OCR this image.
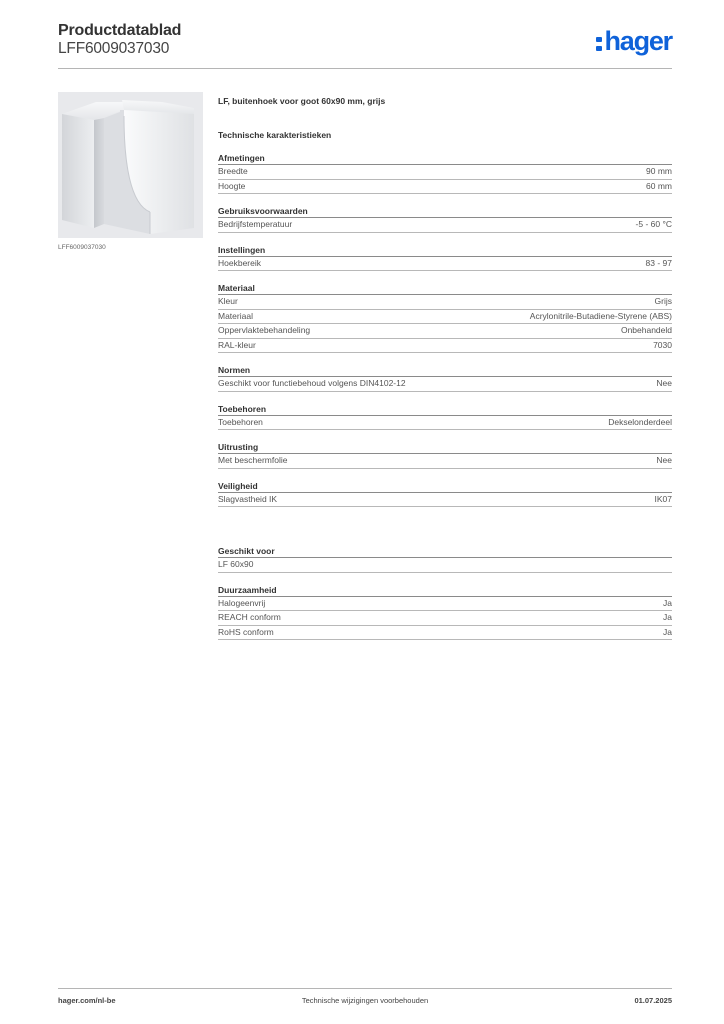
Productdatablad
LFF6009037030	hager
LFF6009037030
LF, buitenhoek voor goot 60x90 mm, grijs
Technische karakteristieken
Afmetingen
Breedte	90 mm
Hoogte	60 mm
Gebruiksvoorwaarden
Bedrijfstemperatuur	-5 - 60 °C
Instellingen
Hoekbereik	83 - 97
Materiaal
Kleur	Grijs
Materiaal	Acrylonitrile-Butadiene-Styrene (ABS)
Oppervlaktebehandeling	Onbehandeld
RAL-kleur	7030
Normen
Geschikt voor functiebehoud volgens DIN4102-12	Nee
Toebehoren
Toebehoren	Dekselonderdeel
Uitrusting
Met beschermfolie	Nee
Veiligheid
Slagvastheid IK	IK07
Geschikt voor
LF 60x90
Duurzaamheid
Halogeenvrij	Ja
REACH conform	Ja
RoHS conform	Ja
hager.com/nl-be	Technische wijzigingen voorbehouden	01.07.2025
